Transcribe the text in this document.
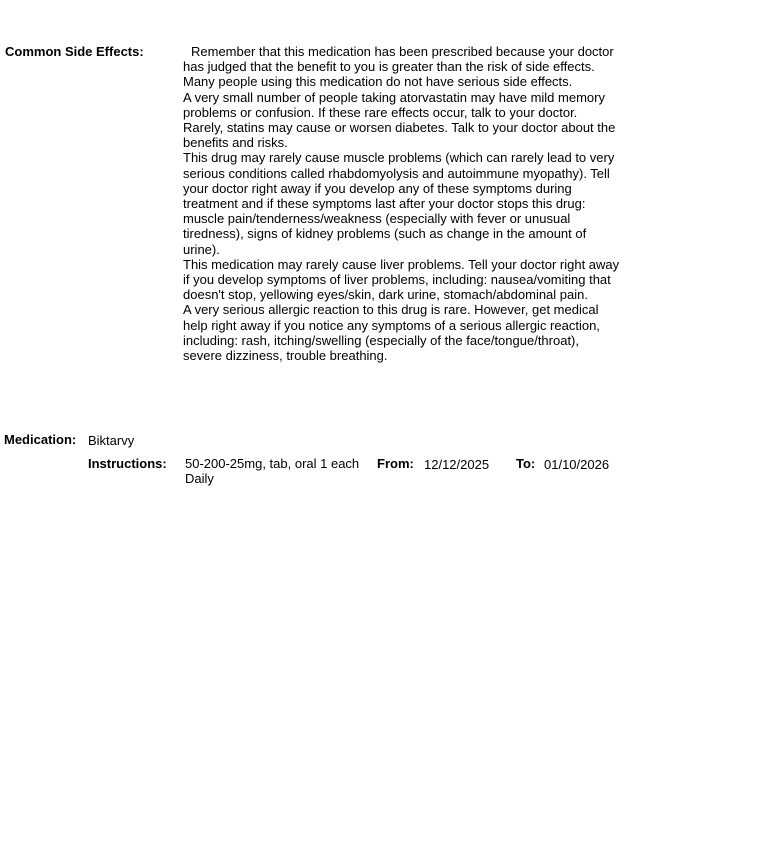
Common Side Effects:	Remember that this medication has been prescribed because your doctor has judged that the benefit to you is greater than the risk of side effects. Many people using this medication do not have serious side effects.
A very small number of people taking atorvastatin may have mild memory problems or confusion. If these rare effects occur, talk to your doctor.
Rarely, statins may cause or worsen diabetes. Talk to your doctor about the benefits and risks.
This drug may rarely cause muscle problems (which can rarely lead to very serious conditions called rhabdomyolysis and autoimmune myopathy). Tell your doctor right away if you develop any of these symptoms during treatment and if these symptoms last after your doctor stops this drug: muscle pain/tenderness/weakness (especially with fever or unusual tiredness), signs of kidney problems (such as change in the amount of urine).
This medication may rarely cause liver problems. Tell your doctor right away if you develop symptoms of liver problems, including: nausea/vomiting that doesn't stop, yellowing eyes/skin, dark urine, stomach/abdominal pain.
A very serious allergic reaction to this drug is rare. However, get medical help right away if you notice any symptoms of a serious allergic reaction, including: rash, itching/swelling (especially of the face/tongue/throat), severe dizziness, trouble breathing.
Medication: Biktarvy
Instructions: 50-200-25mg, tab, oral 1 each Daily
From: 12/12/2025 To: 01/10/2026
